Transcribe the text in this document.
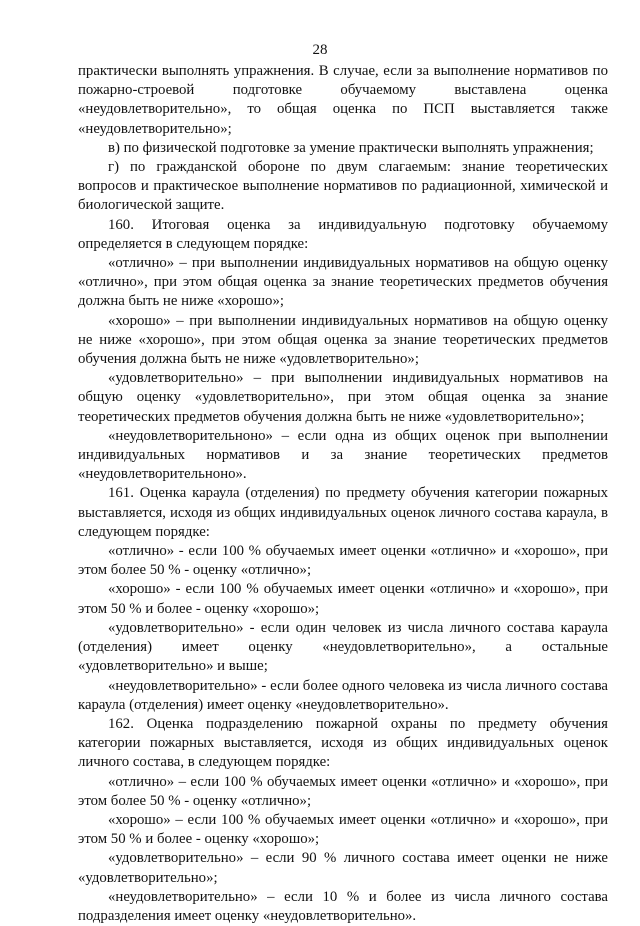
28

практически выполнять упражнения. В случае, если за выполнение нормативов по пожарно-строевой подготовке обучаемому выставлена оценка «неудовлетворительно», то общая оценка по ПСП выставляется также «неудовлетворительно»;

в) по физической подготовке за умение практически выполнять упражнения;

г) по гражданской обороне по двум слагаемым: знание теоретических вопросов и практическое выполнение нормативов по радиационной, химической и биологической защите.

160. Итоговая оценка за индивидуальную подготовку обучаемому определяется в следующем порядке:

«отлично» – при выполнении индивидуальных нормативов на общую оценку «отлично», при этом общая оценка за знание теоретических предметов обучения должна быть не ниже «хорошо»;

«хорошо» – при выполнении индивидуальных нормативов на общую оценку не ниже «хорошо», при этом общая оценка за знание теоретических предметов обучения должна быть не ниже «удовлетворительно»;

«удовлетворительно» – при выполнении индивидуальных нормативов на общую оценку «удовлетворительно», при этом общая оценка за знание теоретических предметов обучения должна быть не ниже «удовлетворительно»;

«неудовлетворительноно» – если одна из общих оценок при выполнении индивидуальных нормативов и за знание теоретических предметов «неудовлетворительноно».

161. Оценка караула (отделения) по предмету обучения категории пожарных выставляется, исходя из общих индивидуальных оценок личного состава караула, в следующем порядке:

«отлично» - если 100 % обучаемых имеет оценки «отлично» и «хорошо», при этом более 50 % - оценку «отлично»;

«хорошо» - если 100 % обучаемых имеет оценки «отлично» и «хорошо», при этом 50 % и более - оценку «хорошо»;

«удовлетворительно» - если один человек из числа личного состава караула (отделения) имеет оценку «неудовлетворительно», а остальные «удовлетворительно» и выше;

«неудовлетворительно» - если более одного человека из числа личного состава караула (отделения) имеет оценку «неудовлетворительно».

162. Оценка подразделению пожарной охраны по предмету обучения категории пожарных выставляется, исходя из общих индивидуальных оценок личного состава, в следующем порядке:

«отлично» – если 100 % обучаемых имеет оценки «отлично» и «хорошо», при этом более 50 % - оценку «отлично»;

«хорошо» – если 100 % обучаемых имеет оценки «отлично» и «хорошо», при этом 50 % и более - оценку «хорошо»;

«удовлетворительно» – если 90 % личного состава имеет оценки не ниже «удовлетворительно»;

«неудовлетворительно» – если 10 % и более из числа личного состава подразделения имеет оценку «неудовлетворительно».
